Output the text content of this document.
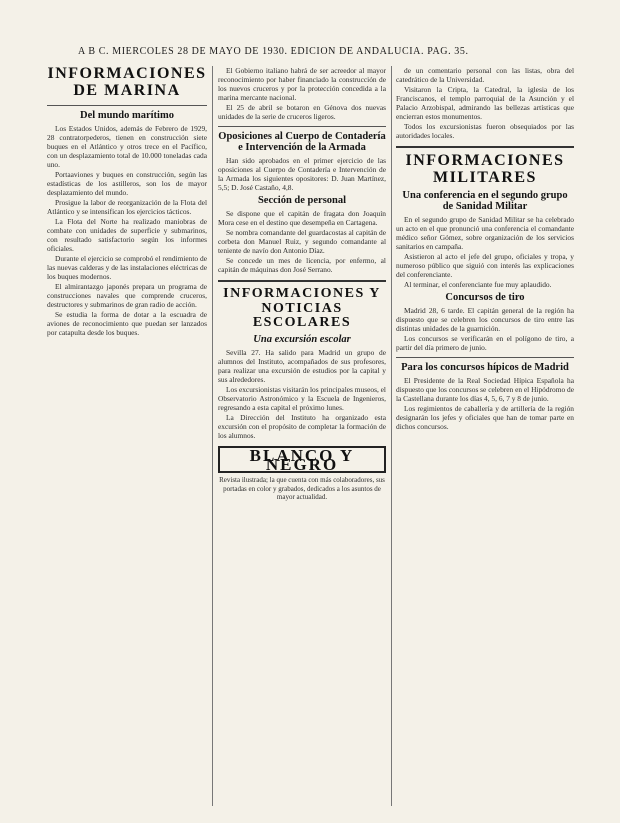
A B C. MIERCOLES 28 DE MAYO DE 1930. EDICION DE ANDALUCIA. PAG. 35.
INFORMACIONES DE MARINA
Del mundo marítimo

Los Estados Unidos, además de Febrero de 1929, 28 contratorpederos, tienen en construcción siete buques en el Atlántico y otros trece en el Pacífico, con un desplazamiento total de 10.000 toneladas cada uno.

Portaaviones y buques en construcción, según las estadísticas de los astilleros, son los de mayor desplazamiento del mundo.

Prosigue la labor de reorganización de la Flota del Atlántico y se intensifican los ejercicios tácticos.

La Flota del Norte ha realizado maniobras de combate con unidades de superficie y submarinos, con resultado satisfactorio según los informes oficiales.

Durante el ejercicio se comprobó el rendimiento de las nuevas calderas y de las instalaciones eléctricas de los buques modernos.

El almirantazgo japonés prepara un programa de construcciones navales que comprende cruceros, destructores y submarinos de gran radio de acción.

Se estudia la forma de dotar a la escuadra de aviones de reconocimiento que puedan ser lanzados por catapulta desde los buques.

El Gobierno italiano habrá de ser acreedor al mayor reconocimiento por haber financiado la construcción de los nuevos cruceros y por la protección concedida a la marina mercante nacional.

El 25 de abril se botaron en Génova dos nuevas unidades de la serie de cruceros ligeros.

Oposiciones al Cuerpo de Contadería e Intervención de la Armada

Han sido aprobados en el primer ejercicio de las oposiciones al Cuerpo de Contadería e Intervención de la Armada los siguientes opositores: D. Juan Martínez, 5,5; D. José Castaño, 4,8.

Sección de personal

Se dispone que el capitán de fragata don Joaquín Mora cese en el destino que desempeña en Cartagena.

Se nombra comandante del guardacostas al capitán de corbeta don Manuel Ruiz, y segundo comandante al teniente de navío don Antonio Díaz.

Se concede un mes de licencia, por enfermo, al capitán de máquinas don José Serrano.

INFORMACIONES Y NOTICIAS ESCOLARES
Una excursión escolar

Sevilla 27. Ha salido para Madrid un grupo de alumnos del Instituto, acompañados de sus profesores, para realizar una excursión de estudios por la capital y sus alrededores.

Los excursionistas visitarán los principales museos, el Observatorio Astronómico y la Escuela de Ingenieros, regresando a esta capital el próximo lunes.

La Dirección del Instituto ha organizado esta excursión con el propósito de completar la formación de los alumnos.

BLANCO Y NEGRO
Revista ilustrada; la que cuenta con más colaboradores, sus portadas en color y grabados, dedicados a los asuntos de mayor actualidad.

de un comentario personal con las listas, obra del catedrático de la Universidad.

Visitaron la Cripta, la Catedral, la iglesia de los Franciscanos, el templo parroquial de la Asunción y el Palacio Arzobispal, admirando las bellezas artísticas que encierran estos monumentos.

Todos los excursionistas fueron obsequiados por las autoridades locales.

INFORMACIONES MILITARES
Una conferencia en el segundo grupo de Sanidad Militar

En el segundo grupo de Sanidad Militar se ha celebrado un acto en el que pronunció una conferencia el comandante médico señor Gómez, sobre organización de los servicios sanitarios en campaña.

Asistieron al acto el jefe del grupo, oficiales y tropa, y numeroso público que siguió con interés las explicaciones del conferenciante.

Al terminar, el conferenciante fue muy aplaudido.

Concursos de tiro

Madrid 28, 6 tarde. El capitán general de la región ha dispuesto que se celebren los concursos de tiro entre las distintas unidades de la guarnición.

Los concursos se verificarán en el polígono de tiro, a partir del día primero de junio.

Para los concursos hípicos de Madrid

El Presidente de la Real Sociedad Hípica Española ha dispuesto que los concursos se celebren en el Hipódromo de la Castellana durante los días 4, 5, 6, 7 y 8 de junio.

Los regimientos de caballería y de artillería de la región designarán los jefes y oficiales que han de tomar parte en dichos concursos.
